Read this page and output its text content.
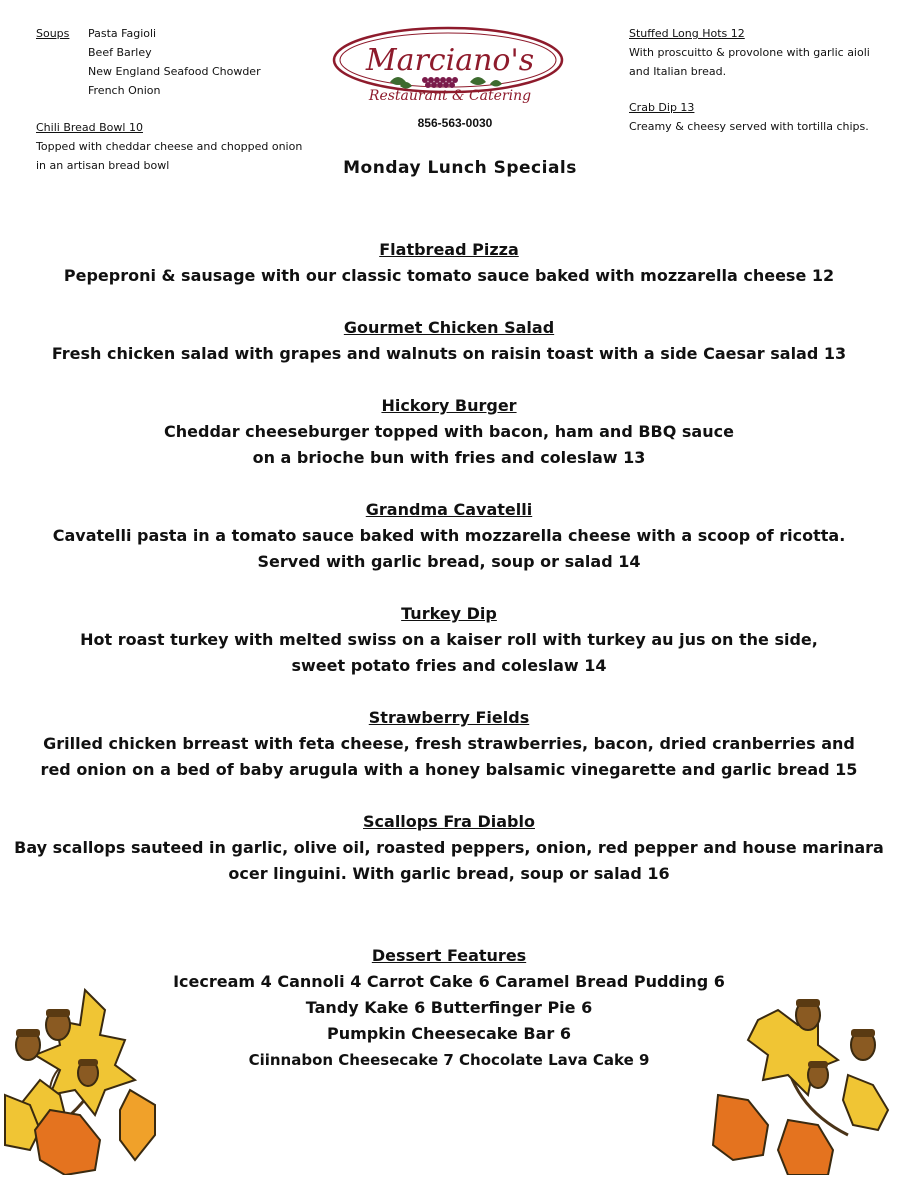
Soups Pasta Fagioli
Beef Barley
New England Seafood Chowder
French Onion
Chili Bread Bowl 10
Topped with cheddar cheese and chopped onion
in an artisan bread bowl
Marciano's
Restaurant & Catering
856-563-0030
Stuffed Long Hots 12
With proscuitto & provolone with garlic aioli
and Italian bread.
Crab Dip 13
Creamy & cheesy served with tortilla chips.
Monday Lunch Specials
Flatbread Pizza
Pepeproni & sausage with our classic tomato sauce baked with mozzarella cheese 12
Gourmet Chicken Salad
Fresh chicken salad with grapes and walnuts on raisin toast with a side Caesar salad 13
Hickory Burger
Cheddar cheeseburger topped with bacon, ham and BBQ sauce
on a brioche bun with fries and coleslaw 13
Grandma Cavatelli
Cavatelli pasta in a tomato sauce baked with mozzarella cheese with a scoop of ricotta.
Served with garlic bread, soup or salad 14
Turkey Dip
Hot roast turkey with melted swiss on a kaiser roll with turkey au jus on the side,
sweet potato fries and coleslaw 14
Strawberry Fields
Grilled chicken brreast with feta cheese, fresh strawberries, bacon, dried cranberries and
red onion on a bed of baby arugula with a honey balsamic vinegarette and garlic bread 15
Scallops Fra Diablo
Bay scallops sauteed in garlic, olive oil, roasted peppers, onion, red pepper and house marinara
ocer linguini. With garlic bread, soup or salad 16
Dessert Features
Icecream 4 Cannoli 4 Carrot Cake 6 Caramel Bread Pudding 6
Tandy Kake 6 Butterfinger Pie 6
Pumpkin Cheesecake Bar 6
Ciinnabon Cheesecake 7 Chocolate Lava Cake 9
